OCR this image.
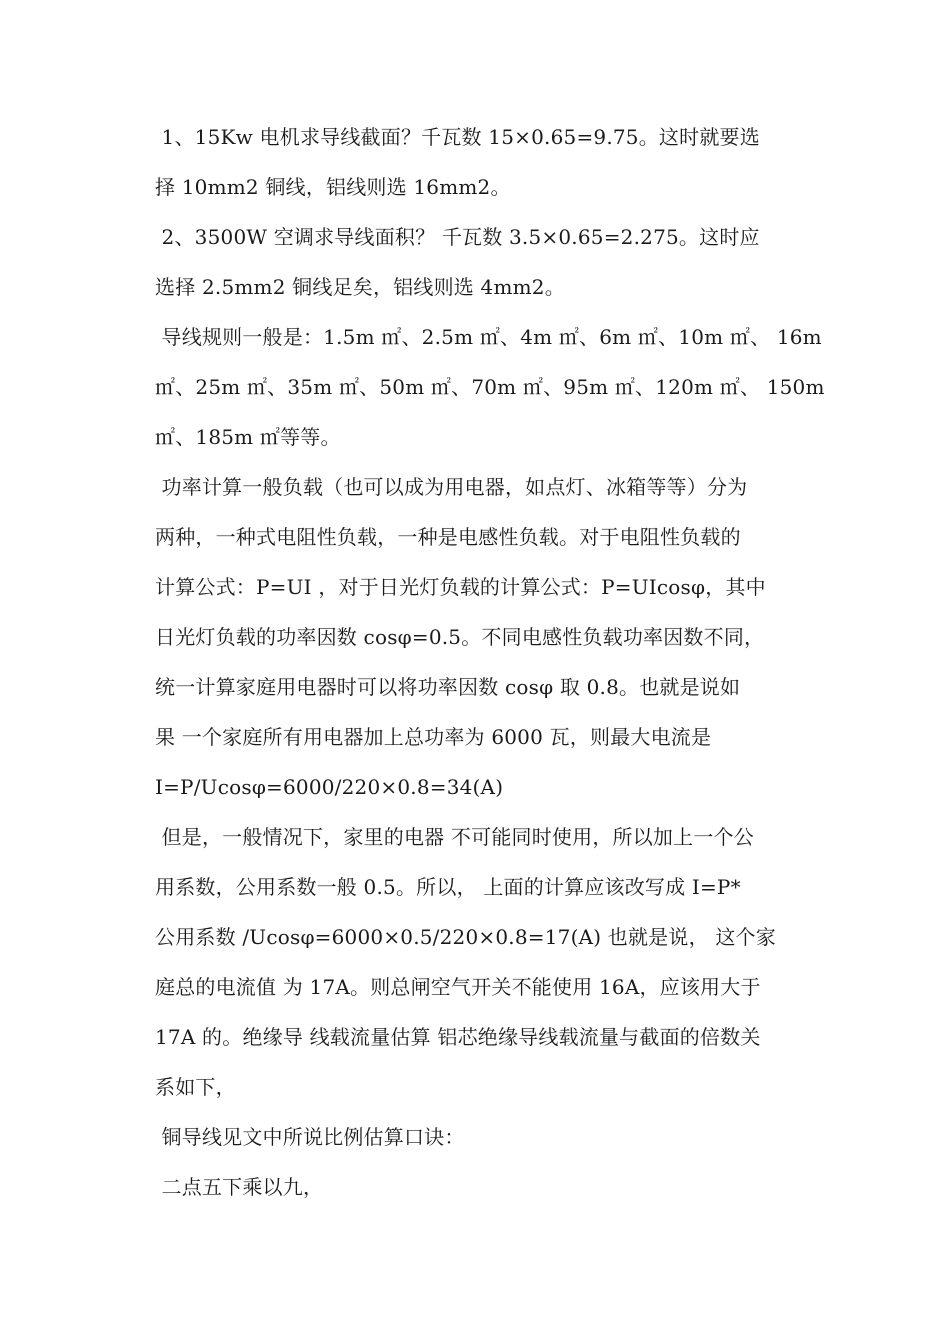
1、15Kw 电机求导线截面？千瓦数 15×0.65=9.75。这时就要选
择 10mm2 铜线，铝线则选 16mm2。
2、3500W 空调求导线面积？ 千瓦数 3.5×0.65=2.275。这时应
选择 2.5mm2 铜线足矣，铝线则选 4mm2。
导线规则一般是：1.5m ㎡、2.5m ㎡、4m ㎡、6m ㎡、10m ㎡、 16m
㎡、25m ㎡、35m ㎡、50m ㎡、70m ㎡、95m ㎡、120m ㎡、 150m
㎡、185m ㎡等等。
功率计算一般负载（也可以成为用电器，如点灯、冰箱等等）分为
两种，一种式电阻性负载，一种是电感性负载。对于电阻性负载的
计算公式：P=UI ，对于日光灯负载的计算公式：P=UIcosφ，其中
日光灯负载的功率因数 cosφ=0.5。不同电感性负载功率因数不同，
统一计算家庭用电器时可以将功率因数 cosφ 取 0.8。也就是说如
果 一个家庭所有用电器加上总功率为 6000 瓦，则最大电流是
I=P/Ucosφ=6000/220×0.8=34(A)
但是，一般情况下，家里的电器 不可能同时使用，所以加上一个公
用系数，公用系数一般 0.5。所以， 上面的计算应该改写成 I=P*
公用系数 /Ucosφ=6000×0.5/220×0.8=17(A) 也就是说， 这个家
庭总的电流值 为 17A。则总闸空气开关不能使用 16A，应该用大于
17A 的。绝缘导 线载流量估算 铝芯绝缘导线载流量与截面的倍数关
系如下，
铜导线见文中所说比例估算口诀：
二点五下乘以九，
